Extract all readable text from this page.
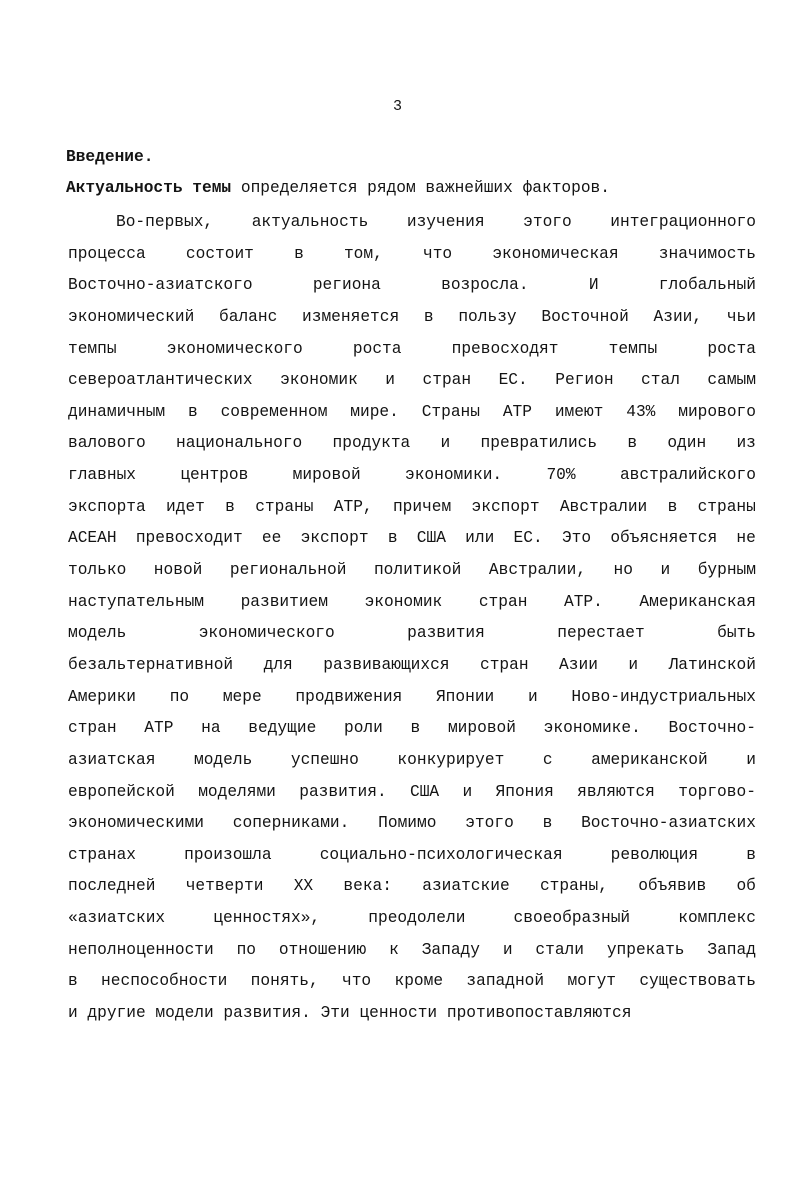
3
Введение.
Актуальность темы определяется рядом важнейших факторов.
Во-первых, актуальность изучения этого интеграционного
процесса состоит в том, что экономическая значимость
Восточно-азиатского	региона	возросла.	И	глобальный
экономический баланс изменяется в пользу Восточной Азии, чьи
темпы	экономического	роста	превосходят	темпы	роста
североатлантических экономик и стран ЕС. Регион стал самым
динамичным в современном мире. Страны АТР имеют 43% мирового
валового национального продукта и превратились в один из
главных	центров	мировой	экономики.	70%	австралийского
экспорта идет в страны АТР, причем экспорт Австралии в страны
АСЕАН превосходит ее экспорт в США или ЕС. Это объясняется не
только новой региональной политикой Австралии, но и бурным
наступательным развитием экономик стран АТР. Американская
модель	экономического	развития	перестает	быть
безальтернативной для развивающихся стран Азии и Латинской
Америки по мере продвижения Японии и Ново-индустриальных
стран АТР на ведущие роли в мировой экономике. Восточно-
азиатская модель успешно конкурирует с американской и
европейской моделями развития. США и Япония являются торгово-
экономическими соперниками. Помимо этого в Восточно-азиатских
странах	произошла	социально-психологическая	революция	в
последней четверти XX века: азиатские страны, объявив об
«азиатских	ценностях»,	преодолели	своеобразный	комплекс
неполноценности по отношению к Западу и стали упрекать Запад
в неспособности понять, что кроме западной могут существовать
и другие модели развития. Эти ценности противопоставляются
